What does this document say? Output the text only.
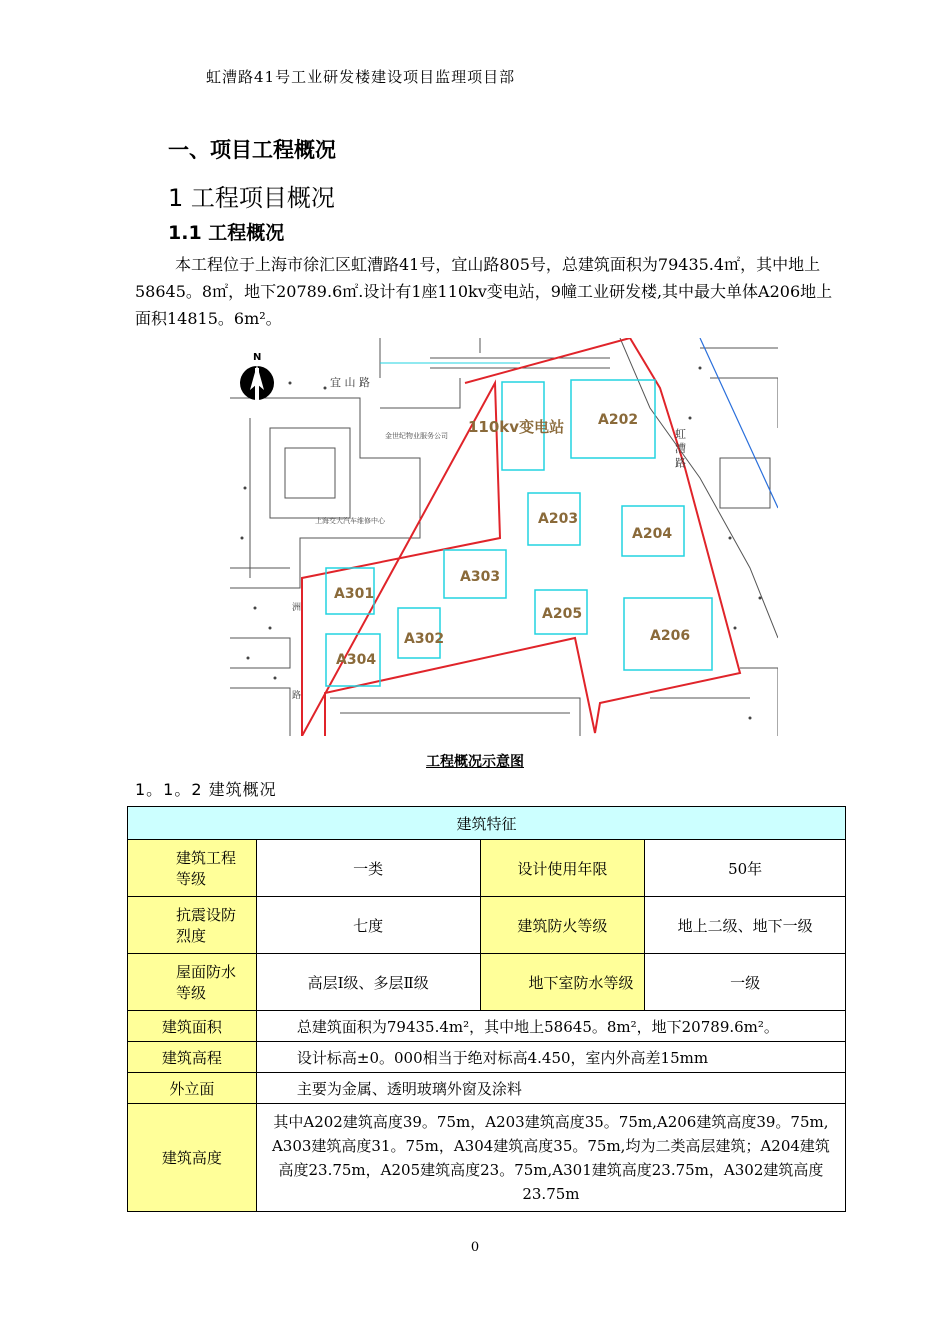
虹漕路41号工业研发楼建设项目监理项目部
一、项目工程概况
1 工程项目概况
1.1 工程概况
本工程位于上海市徐汇区虹漕路41号，宜山路805号，总建筑面积为79435.4㎡，其中地上58645。8㎡，地下20789.6㎡.设计有1座110kv变电站，9幢工业研发楼,其中最大单体A206地上面积14815。6m²。
N
宜 山 路
虹 漕 路
洲
路
金世纪物业服务公司
上海交大汽车维修中心
110kv变电站 A202
A203
A204
A205
A206
A301
A302
A303
A304
工程概况示意图
1。1。2 建筑概况
建筑特征			
建筑工程等级	一类	设计使用年限	50年
抗震设防烈度	七度	建筑防火等级	地上二级、地下一级
屋面防水等级	高层Ⅰ级、多层Ⅱ级	地下室防水等级	一级
建筑面积	总建筑面积为79435.4m²，其中地上58645。8m²，地下20789.6m²。		
建筑高程	设计标高±0。000相当于绝对标高4.450，室内外高差15mm		
外立面	主要为金属、透明玻璃外窗及涂料		
建筑高度	其中A202建筑高度39。75m，A203建筑高度35。75m,A206建筑高度39。75m, A303建筑高度31。75m，A304建筑高度35。75m,均为二类高层建筑；A204建筑高度23.75m，A205建筑高度23。75m,A301建筑高度23.75m，A302建筑高度23.75m		
0
